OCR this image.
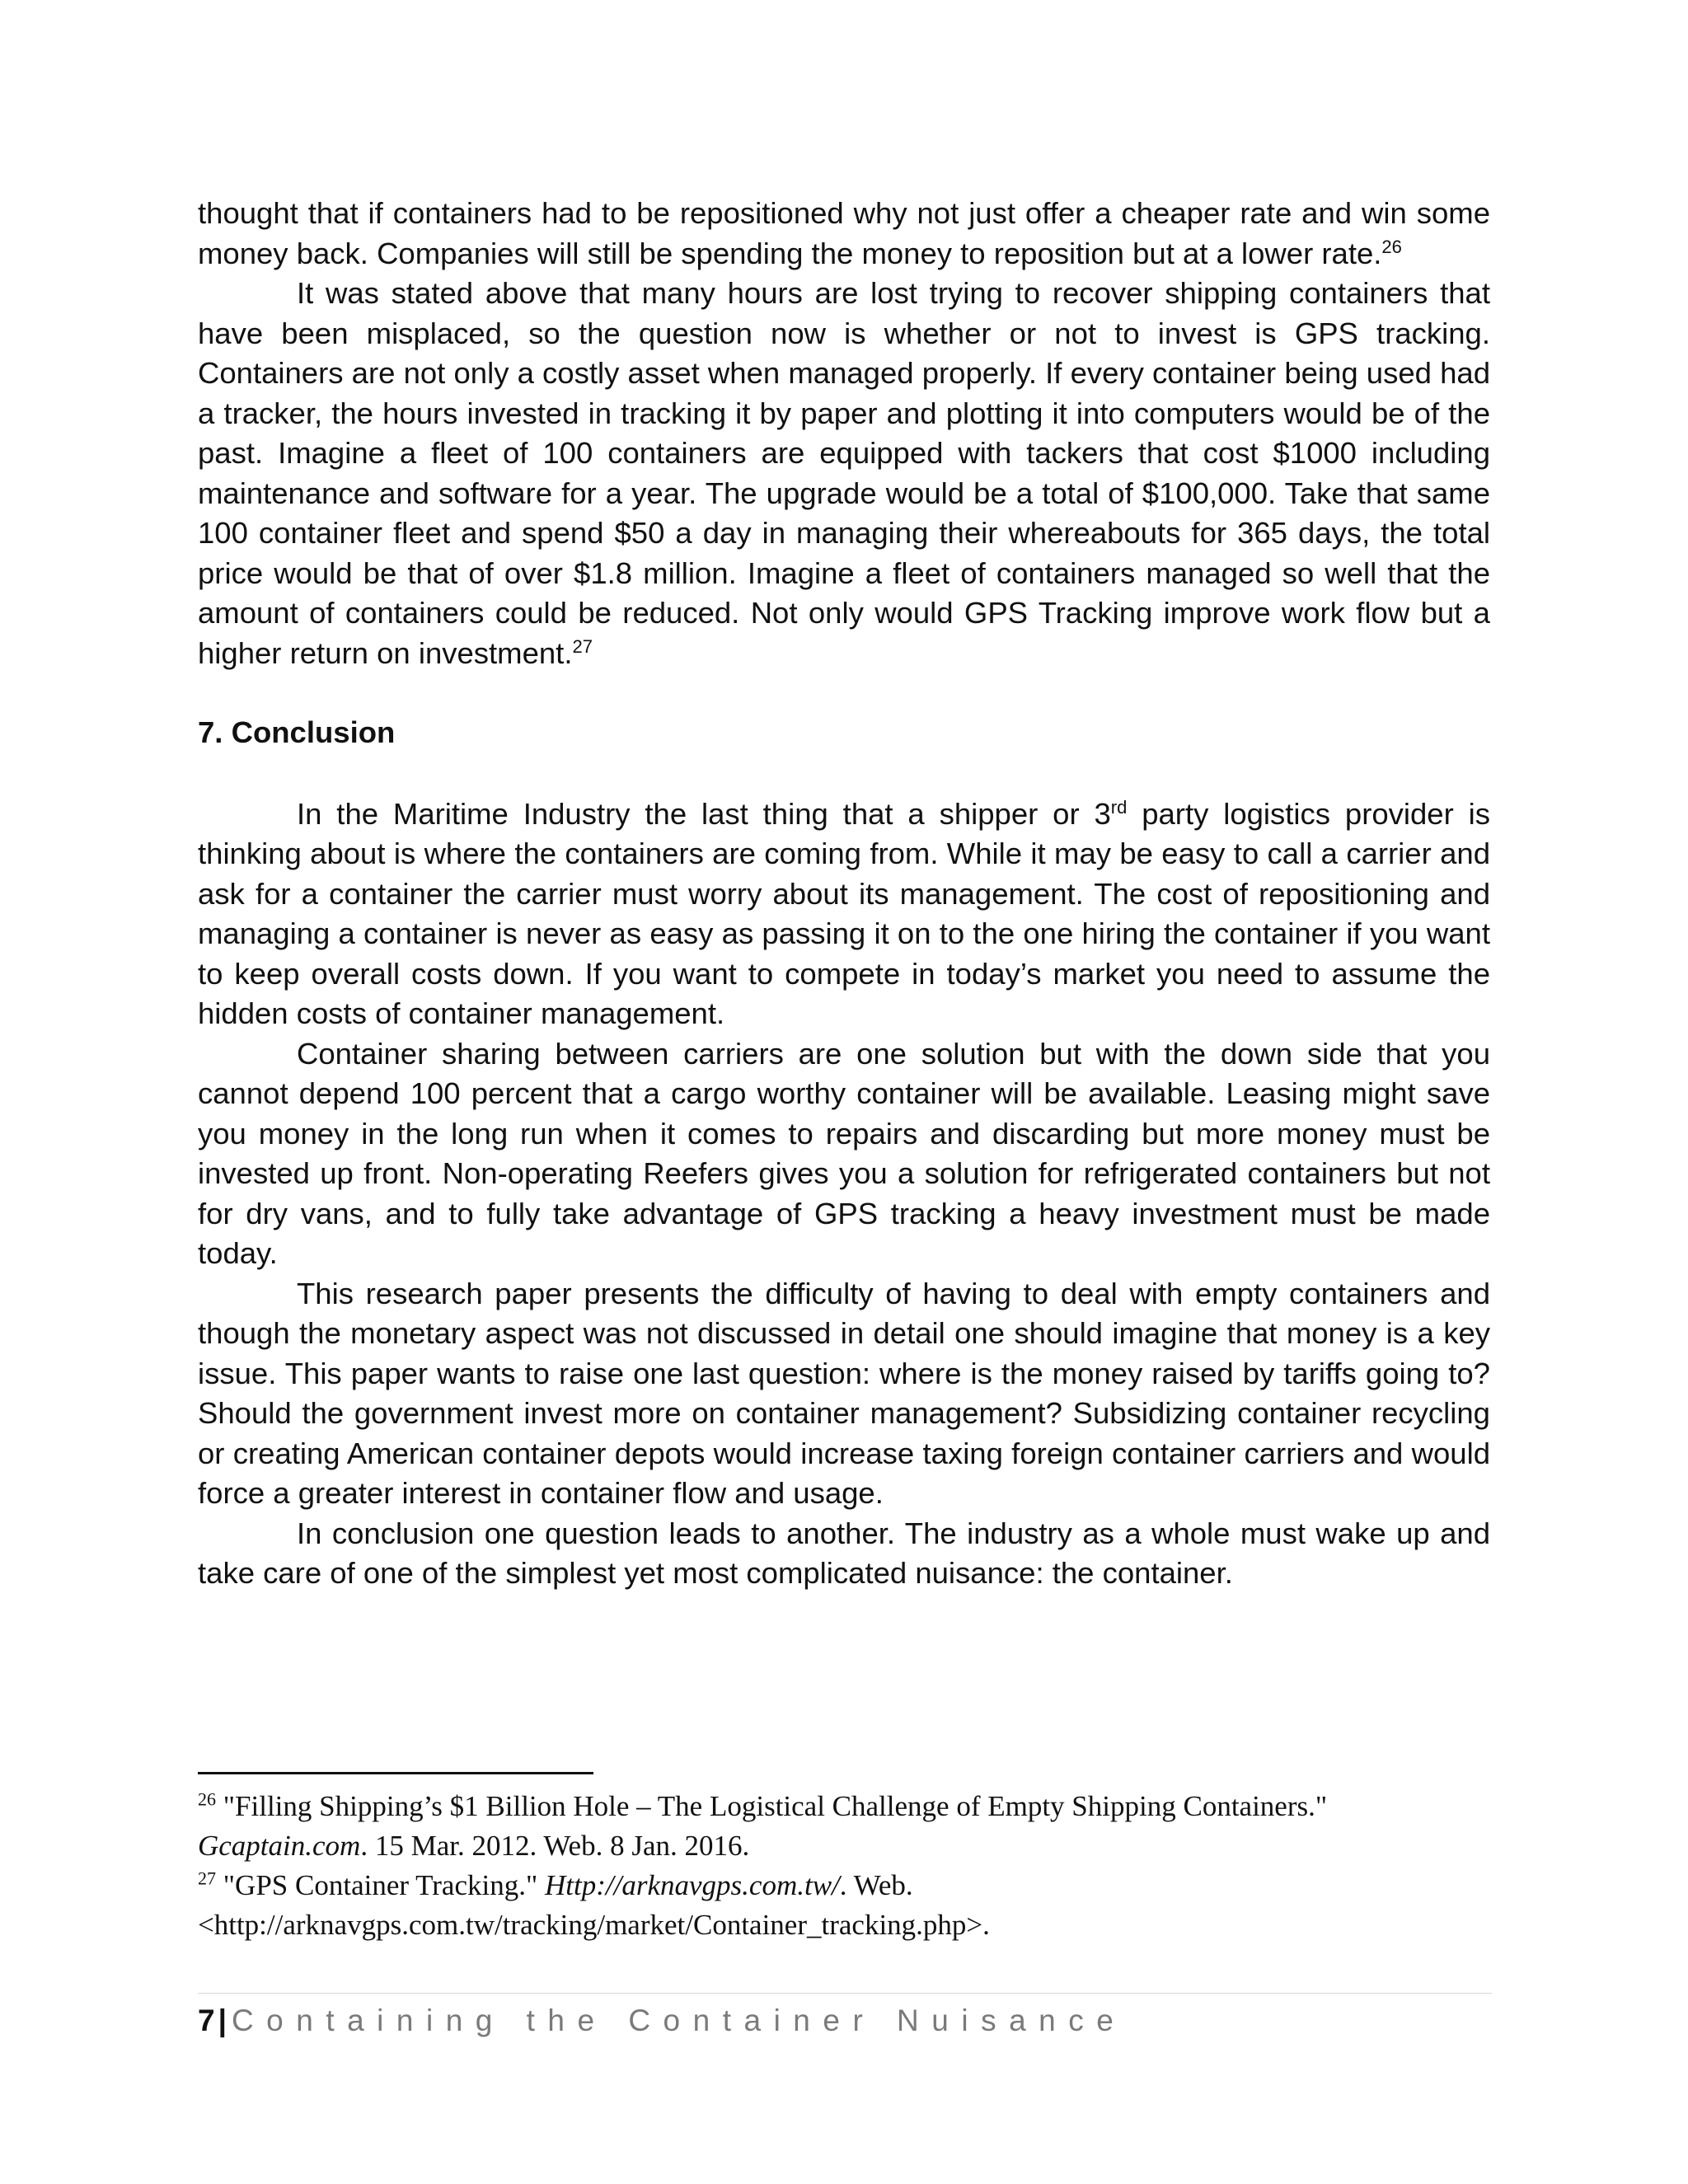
thought that if containers had to be repositioned why not just offer a cheaper rate and win some money back. Companies will still be spending the money to reposition but at a lower rate.$^{26}$

It was stated above that many hours are lost trying to recover shipping containers that have been misplaced, so the question now is whether or not to invest is GPS tracking. Containers are not only a costly asset when managed properly. If every container being used had a tracker, the hours invested in tracking it by paper and plotting it into computers would be of the past. Imagine a fleet of 100 containers are equipped with tackers that cost $1000 including maintenance and software for a year. The upgrade would be a total of $100,000. Take that same 100 container fleet and spend $50 a day in managing their whereabouts for 365 days, the total price would be that of over $1.8 million. Imagine a fleet of containers managed so well that the amount of containers could be reduced. Not only would GPS Tracking improve work flow but a higher return on investment.$^{27}$

7. Conclusion

In the Maritime Industry the last thing that a shipper or 3rd party logistics provider is thinking about is where the containers are coming from. While it may be easy to call a carrier and ask for a container the carrier must worry about its management. The cost of repositioning and managing a container is never as easy as passing it on to the one hiring the container if you want to keep overall costs down. If you want to compete in today’s market you need to assume the hidden costs of container management.

Container sharing between carriers are one solution but with the down side that you cannot depend 100 percent that a cargo worthy container will be available. Leasing might save you money in the long run when it comes to repairs and discarding but more money must be invested up front. Non-operating Reefers gives you a solution for refrigerated containers but not for dry vans, and to fully take advantage of GPS tracking a heavy investment must be made today.

This research paper presents the difficulty of having to deal with empty containers and though the monetary aspect was not discussed in detail one should imagine that money is a key issue. This paper wants to raise one last question: where is the money raised by tariffs going to? Should the government invest more on container management? Subsidizing container recycling or creating American container depots would increase taxing foreign container carriers and would force a greater interest in container flow and usage.

In conclusion one question leads to another. The industry as a whole must wake up and take care of one of the simplest yet most complicated nuisance: the container.

$^{26}$ "Filling Shipping’s $1 Billion Hole – The Logistical Challenge of Empty Shipping Containers." Gcaptain.com. 15 Mar. 2012. Web. 8 Jan. 2016.

$^{27}$ "GPS Container Tracking." Http://arknavgps.com.tw/. Web. <http://arknavgps.com.tw/tracking/market/Container_tracking.php>.

7 | Containing the Container Nuisance
